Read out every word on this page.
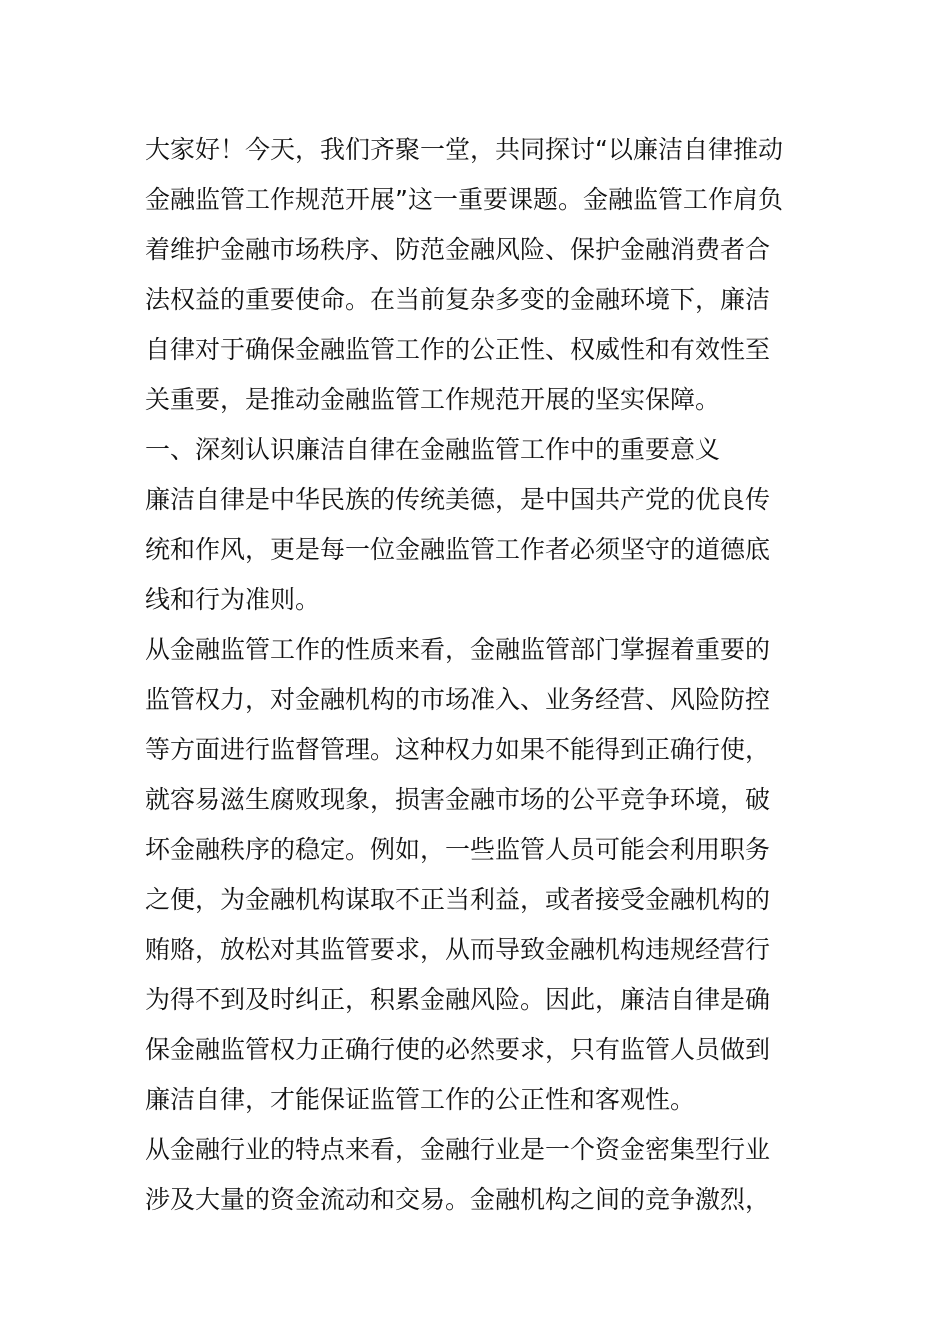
大家好！今天，我们齐聚一堂，共同探讨“以廉洁自律推动
金融监管工作规范开展”这一重要课题。金融监管工作肩负
着维护金融市场秩序、防范金融风险、保护金融消费者合
法权益的重要使命。在当前复杂多变的金融环境下，廉洁
自律对于确保金融监管工作的公正性、权威性和有效性至
关重要，是推动金融监管工作规范开展的坚实保障。
一、深刻认识廉洁自律在金融监管工作中的重要意义
廉洁自律是中华民族的传统美德，是中国共产党的优良传
统和作风，更是每一位金融监管工作者必须坚守的道德底
线和行为准则。
从金融监管工作的性质来看，金融监管部门掌握着重要的
监管权力，对金融机构的市场准入、业务经营、风险防控
等方面进行监督管理。这种权力如果不能得到正确行使，
就容易滋生腐败现象，损害金融市场的公平竞争环境，破
坏金融秩序的稳定。例如，一些监管人员可能会利用职务
之便，为金融机构谋取不正当利益，或者接受金融机构的
贿赂，放松对其监管要求，从而导致金融机构违规经营行
为得不到及时纠正，积累金融风险。因此，廉洁自律是确
保金融监管权力正确行使的必然要求，只有监管人员做到
廉洁自律，才能保证监管工作的公正性和客观性。
从金融行业的特点来看，金融行业是一个资金密集型行业
涉及大量的资金流动和交易。金融机构之间的竞争激烈，
